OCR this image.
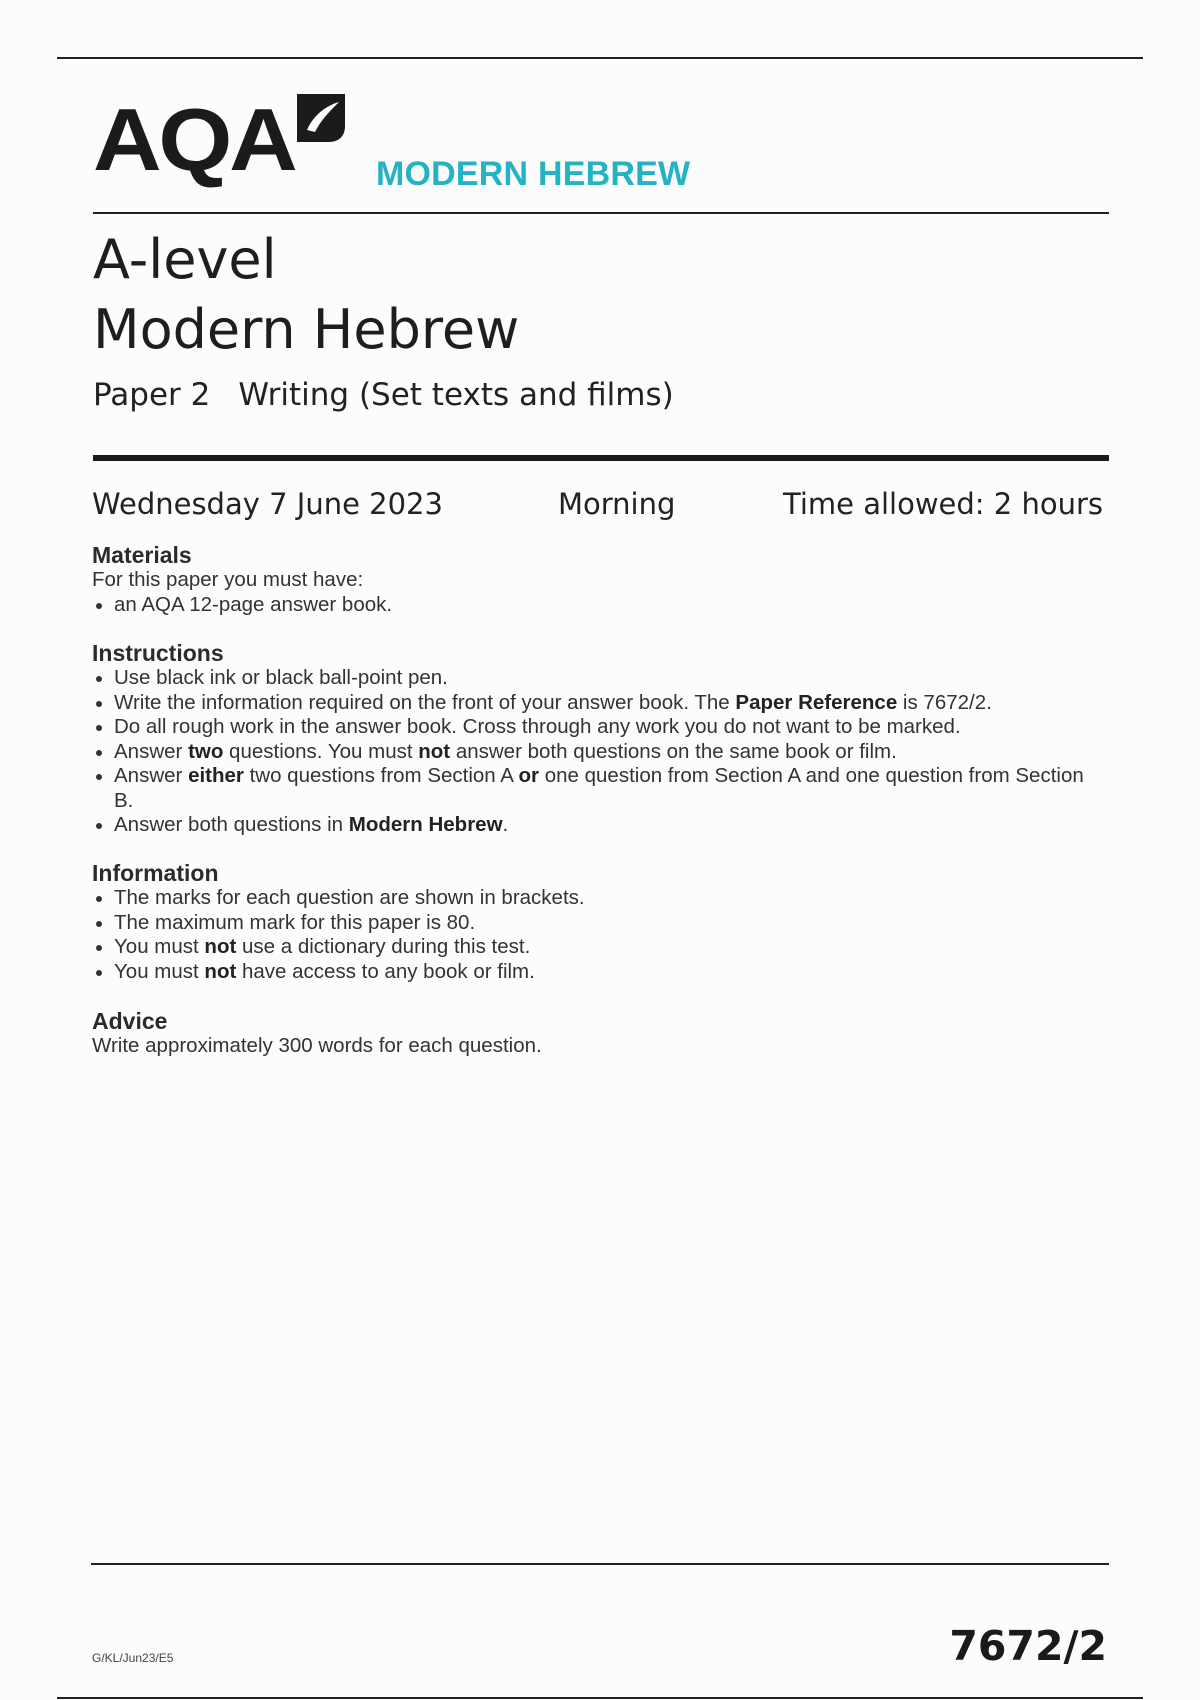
AQA MODERN HEBREW
A-level
Modern Hebrew
Paper 2 Writing (Set texts and films)
Wednesday 7 June 2023	Morning	Time allowed: 2 hours
Materials

For this paper you must have:

an AQA 12-page answer book.
Instructions
Use black ink or black ball-point pen.
Write the information required on the front of your answer book. The Paper Reference is 7672/2.
Do all rough work in the answer book. Cross through any work you do not want to be marked.
Answer two questions. You must not answer both questions on the same book or film.
Answer either two questions from Section A or one question from Section A and one question from Section B.
Answer both questions in Modern Hebrew.
Information
The marks for each question are shown in brackets.
The maximum mark for this paper is 80.
You must not use a dictionary during this test.
You must not have access to any book or film.
Advice

Write approximately 300 words for each question.

G/KL/Jun23/E5	7672/2
